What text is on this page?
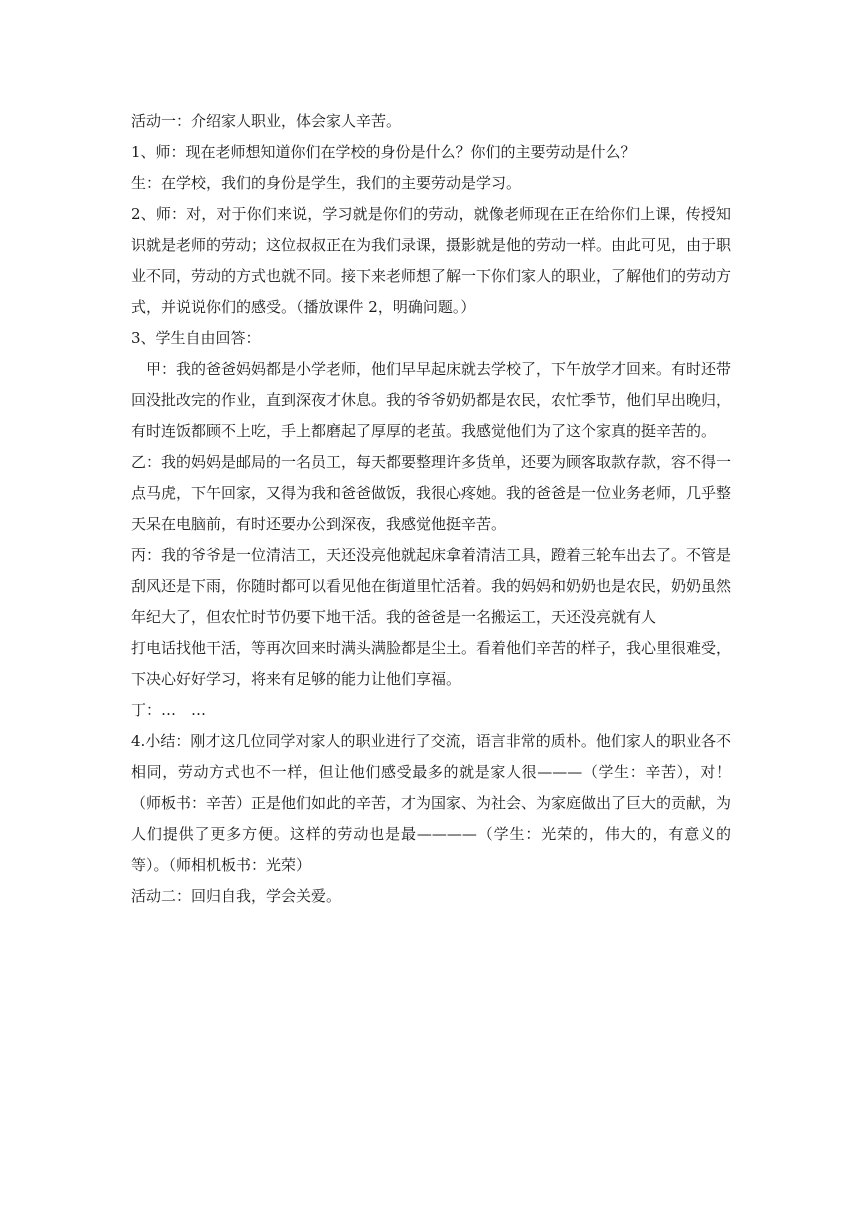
活动一：介绍家人职业，体会家人辛苦。

1、师：现在老师想知道你们在学校的身份是什么？你们的主要劳动是什么？

生：在学校，我们的身份是学生，我们的主要劳动是学习。

2、师：对，对于你们来说，学习就是你们的劳动，就像老师现在正在给你们上课，传授知识就是老师的劳动；这位叔叔正在为我们录课，摄影就是他的劳动一样。由此可见，由于职业不同，劳动的方式也就不同。接下来老师想了解一下你们家人的职业，了解他们的劳动方式，并说说你们的感受。（播放课件 2，明确问题。）

3、学生自由回答：

　甲：我的爸爸妈妈都是小学老师，他们早早起床就去学校了，下午放学才回来。有时还带回没批改完的作业，直到深夜才休息。我的爷爷奶奶都是农民，农忙季节，他们早出晚归，有时连饭都顾不上吃，手上都磨起了厚厚的老茧。我感觉他们为了这个家真的挺辛苦的。

乙：我的妈妈是邮局的一名员工，每天都要整理许多货单，还要为顾客取款存款，容不得一点马虎，下午回家，又得为我和爸爸做饭，我很心疼她。我的爸爸是一位业务老师，几乎整天呆在电脑前，有时还要办公到深夜，我感觉他挺辛苦。

丙：我的爷爷是一位清洁工，天还没亮他就起床拿着清洁工具，蹬着三轮车出去了。不管是刮风还是下雨，你随时都可以看见他在街道里忙活着。我的妈妈和奶奶也是农民，奶奶虽然年纪大了，但农忙时节仍要下地干活。我的爸爸是一名搬运工，天还没亮就有人

打电话找他干活，等再次回来时满头满脸都是尘土。看着他们辛苦的样子，我心里很难受，下决心好好学习，将来有足够的能力让他们享福。

丁：…　…

4.小结：刚才这几位同学对家人的职业进行了交流，语言非常的质朴。他们家人的职业各不相同，劳动方式也不一样，但让他们感受最多的就是家人很———（学生：辛苦），对！（师板书：辛苦）正是他们如此的辛苦，才为国家、为社会、为家庭做出了巨大的贡献，为人们提供了更多方便。这样的劳动也是最————（学生：光荣的，伟大的，有意义的等）。（师相机板书：光荣）

活动二：回归自我，学会关爱。
